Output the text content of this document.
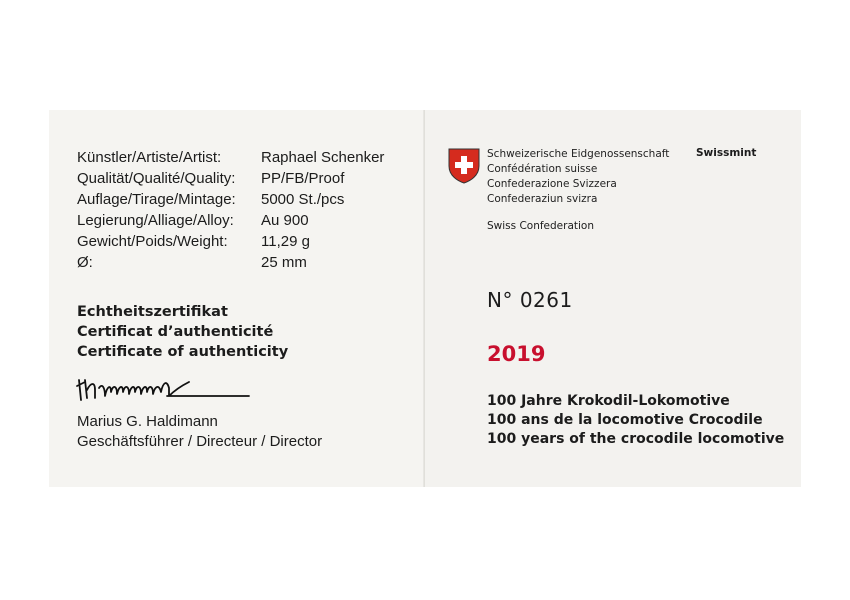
Künstler/Artiste/Artist:	Raphael Schenker
Qualität/Qualité/Quality: PP/FB/Proof
Auflage/Tirage/Mintage: 5000 St./pcs
Legierung/Alliage/Alloy: Au 900
Gewicht/Poids/Weight: 11,29 g
Ø:	25 mm
Echtheitszertifikat
Certificat d’authenticité
Certificate of authenticity
Marius G. Haldimann
Geschäftsführer / Directeur / Director
Schweizerische Eidgenossenschaft
Confédération suisse
Confederazione Svizzera
Confederaziun svizra
Swissmint
Swiss Confederation
N° 0261
2019
100 Jahre Krokodil-Lokomotive
100 ans de la locomotive Crocodile
100 years of the crocodile locomotive
